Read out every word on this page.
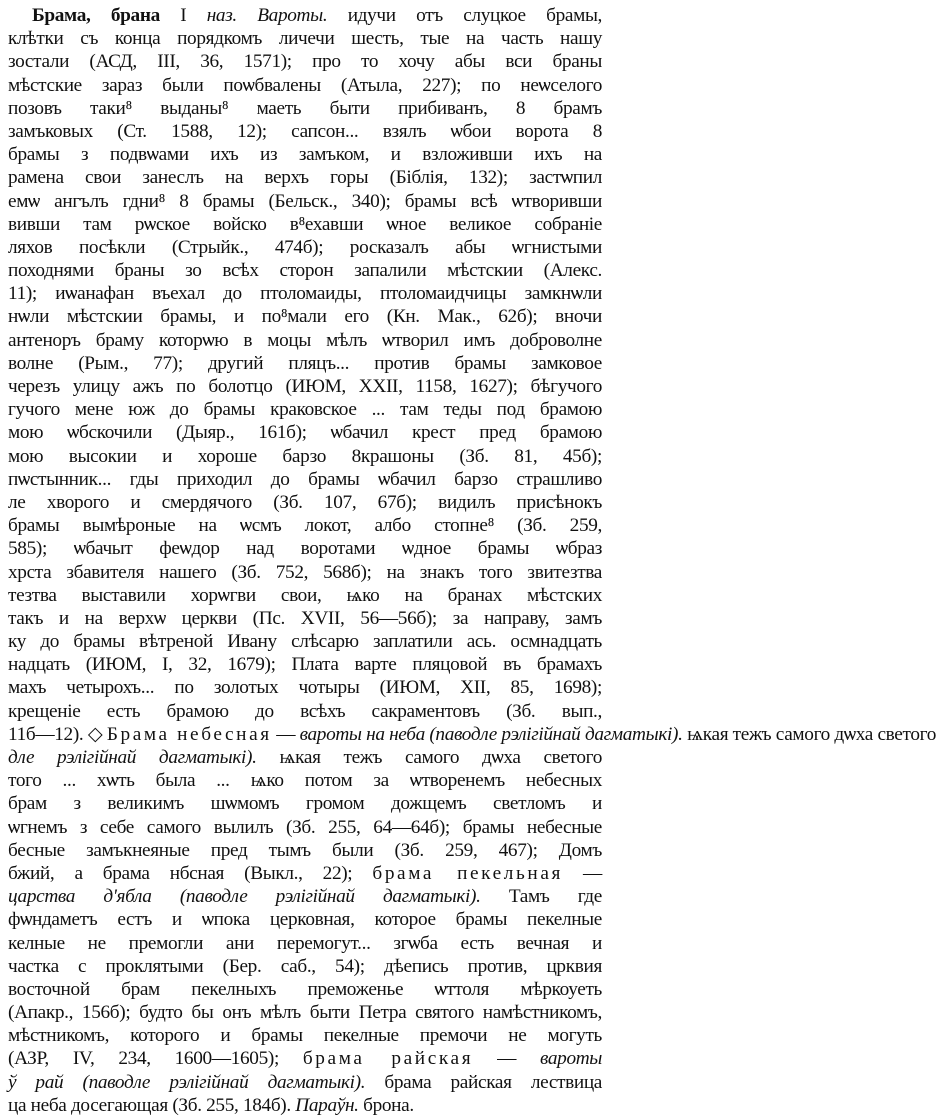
Брама, брана I наз. Вароты. идучи отъ слуцкое брамы,
клѣтки съ конца порядкомъ личечи шесть, тые на часть нашу
зостали (АСД, III, 36, 1571); про то хочу абы вси браны
мѣстские зараз были поѡбвалены (Атыла, 227); по неѡселого
позовъ таки⁸ выданы⁸ маеть быти прибиванъ, 8 брамъ
замъковых (Ст. 1588, 12); сапсон... взялъ ѡбои ворота 8
брамы з подвѡами ихъ из замъком, и взложивши ихъ на
рамена свои занеслъ на верхъ горы (Біблія, 132); застѡпил
емѡ ангълъ гдни⁸ 8 брамы (Бельск., 340); брамы всѣ ѡтворивши
вивши там рѡское войско в⁸ехавши ѡное великое собраніе
ляхов посѣкли (Стрыйк., 474б); росказалъ абы ѡгнистыми
походнями браны зо всѣх сторон запалили мѣстскии (Алекс.
11); иѡанафан въехал до птоломаиды, птоломаидчицы замкнѡли
нѡли мѣстскии брамы, и по⁸мали его (Кн. Мак., 62б); вночи
антеноръ браму которѡю в моцы мѣлъ ѡтворил имъ доброволне
волне (Рым., 77); другий пляцъ... против брамы замковое
черезъ улицу ажъ по болотцо (ИЮМ, XXII, 1158, 1627); бѣгучого
гучого мене юж до брамы краковское ... там теды под брамою
мою ѡбскочили (Дыяр., 161б); ѡбачил крест пред брамою
мою высокии и хороше барзо 8крашоны (Зб. 81, 45б);
пѡстынник... гды приходил до брамы ѡбачил барзо страшливо
ле хворого и смердячого (Зб. 107, 67б); видилъ присѣнокъ
брамы вымѣроные на ѡсмъ локот, албо стопне⁸ (Зб. 259,
585); ѡбачыт феѡдор над воротами ѡдное брамы ѡбраз
хрста збавителя нашего (Зб. 752, 568б); на знакъ того звитезтва
тезтва выставили хорѡгви свои, ѩко на бранах мѣстских
такъ и на верхѡ церкви (Пс. XVII, 56—56б); за направу, замъ
ку до брамы вѣтреной Ивану слѣсарю заплатили ась. осмнадцать
надцать (ИЮМ, I, 32, 1679); Плата варте пляцовой въ брамахъ
махъ четырохъ... по золотых чотыры (ИЮМ, XII, 85, 1698);
крещеніе есть брамою до всѣхъ сакраментовъ (Зб. вып.,
11б—12). ◇ Брама небесная — вароты на неба (паводле рэлігійнай дагматыкі). ѩкая тежъ самого дѡха светого
дле рэлігійнай дагматыкі). ѩкая тежъ самого дѡха светого
того ... хѡть была ... ѩко потом за ѡтворенемъ небесных
брам з великимъ шѡмомъ громом дожщемъ светломъ и
ѡгнемъ з себе самого вылилъ (Зб. 255, 64—64б); брамы небесные
бесные замъкнеяные пред тымъ были (Зб. 259, 467); Домъ
бжий, а брама нбсная (Выкл., 22); брама пекельная —
царства д'ябла (паводле рэлігійнай дагматыкі). Тамъ где
фѡндаметъ естъ и ѡпока церковная, которое брамы пекелные
келные не премогли ани перемогут... згѡба есть вечная и
частка с проклятыми (Бер. саб., 54); дѣепись против, црквия
восточной брам пекелныхъ преможенье ѡттоля мѣркоуеть
(Апакр., 156б); будто бы онъ мѣлъ быти Петра святого намѣстникомъ,
мѣстникомъ, которого и брамы пекелные премочи не могуть
(АЗР, IV, 234, 1600—1605); брама райская — вароты
ў рай (паводле рэлігійнай дагматыкі). брама райская лествица
ца неба досегающая (Зб. 255, 184б). Параўн. брона.
